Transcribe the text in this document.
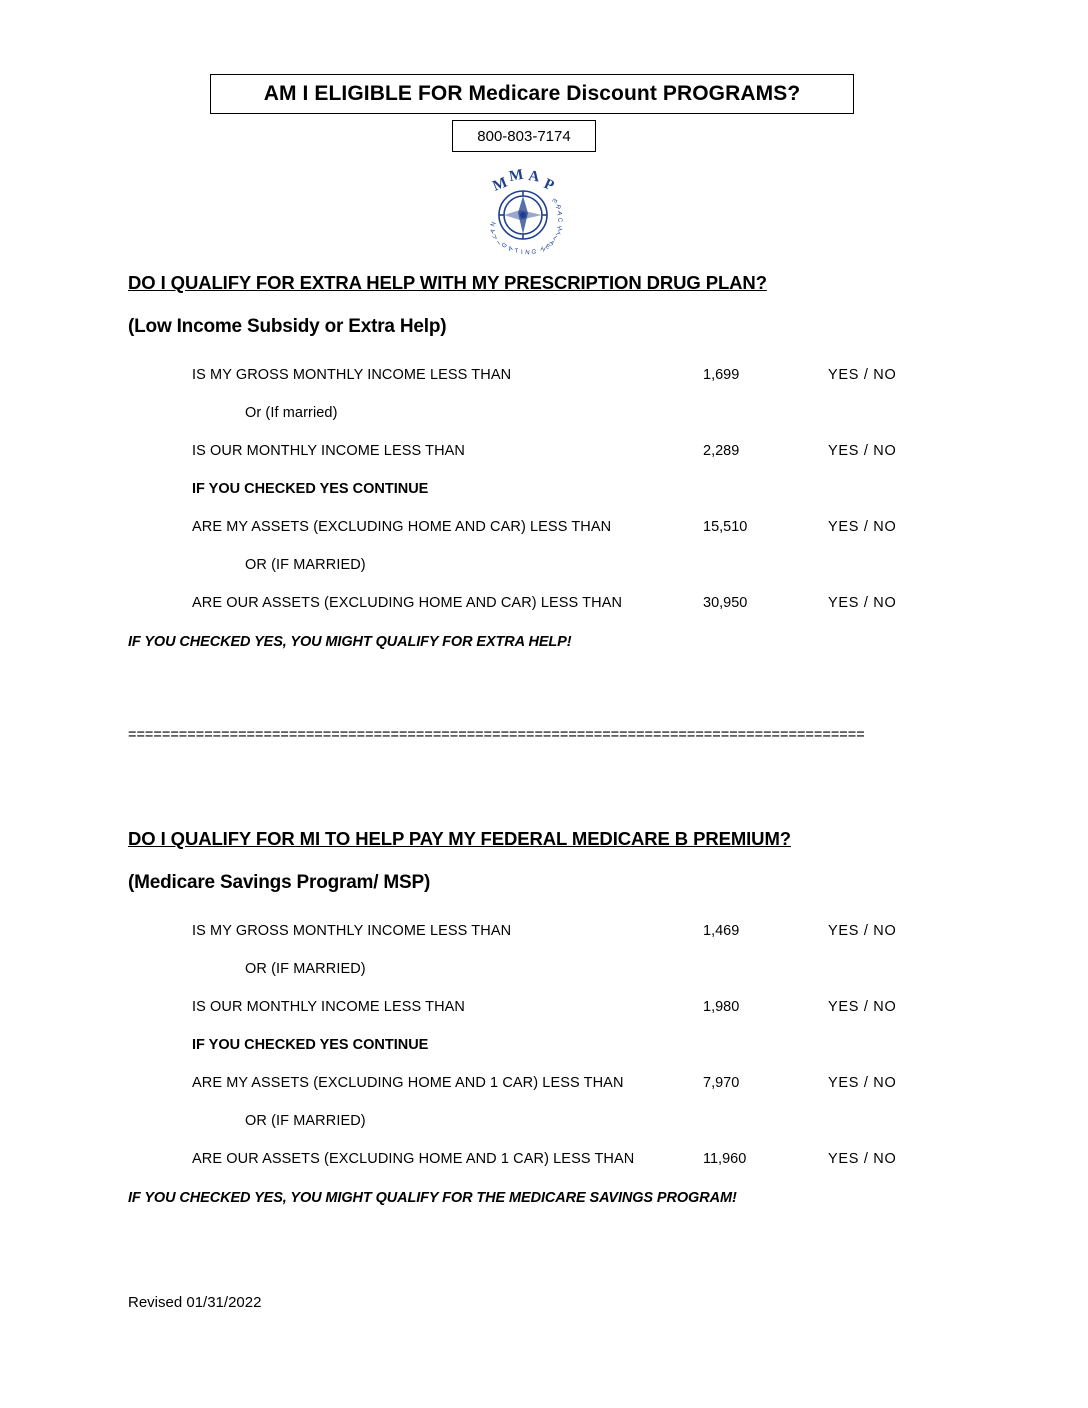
AM I ELIGIBLE FOR Medicare Discount PROGRAMS?
800-803-7174
M
M A P
N
A
V
I G A T I N G H
E
A
L
T
H
C
A
R
E
DO I QUALIFY FOR EXTRA HELP WITH MY PRESCRIPTION DRUG PLAN?
(Low Income Subsidy or Extra Help)
IS MY GROSS MONTHLY INCOME LESS THAN	1,699	YES / NO
Or (If married)
IS OUR MONTHLY INCOME LESS THAN	2,289	YES / NO
IF YOU CHECKED YES CONTINUE
ARE MY ASSETS (EXCLUDING HOME AND CAR) LESS THAN	15,510	YES / NO
OR (IF MARRIED)
ARE OUR ASSETS (EXCLUDING HOME AND CAR) LESS THAN	30,950	YES / NO
IF YOU CHECKED YES, YOU MIGHT QUALIFY FOR EXTRA HELP!
=======================================================================================
DO I QUALIFY FOR MI TO HELP PAY MY FEDERAL MEDICARE B PREMIUM?
(Medicare Savings Program/ MSP)
IS MY GROSS MONTHLY INCOME LESS THAN	1,469	YES / NO
OR (IF MARRIED)
IS OUR MONTHLY INCOME LESS THAN	1,980	YES / NO
IF YOU CHECKED YES CONTINUE
ARE MY ASSETS (EXCLUDING HOME AND 1 CAR) LESS THAN	7,970	YES / NO
OR (IF MARRIED)
ARE OUR ASSETS (EXCLUDING HOME AND 1 CAR) LESS THAN	11,960	YES / NO
IF YOU CHECKED YES, YOU MIGHT QUALIFY FOR THE MEDICARE SAVINGS PROGRAM!
Revised 01/31/2022
